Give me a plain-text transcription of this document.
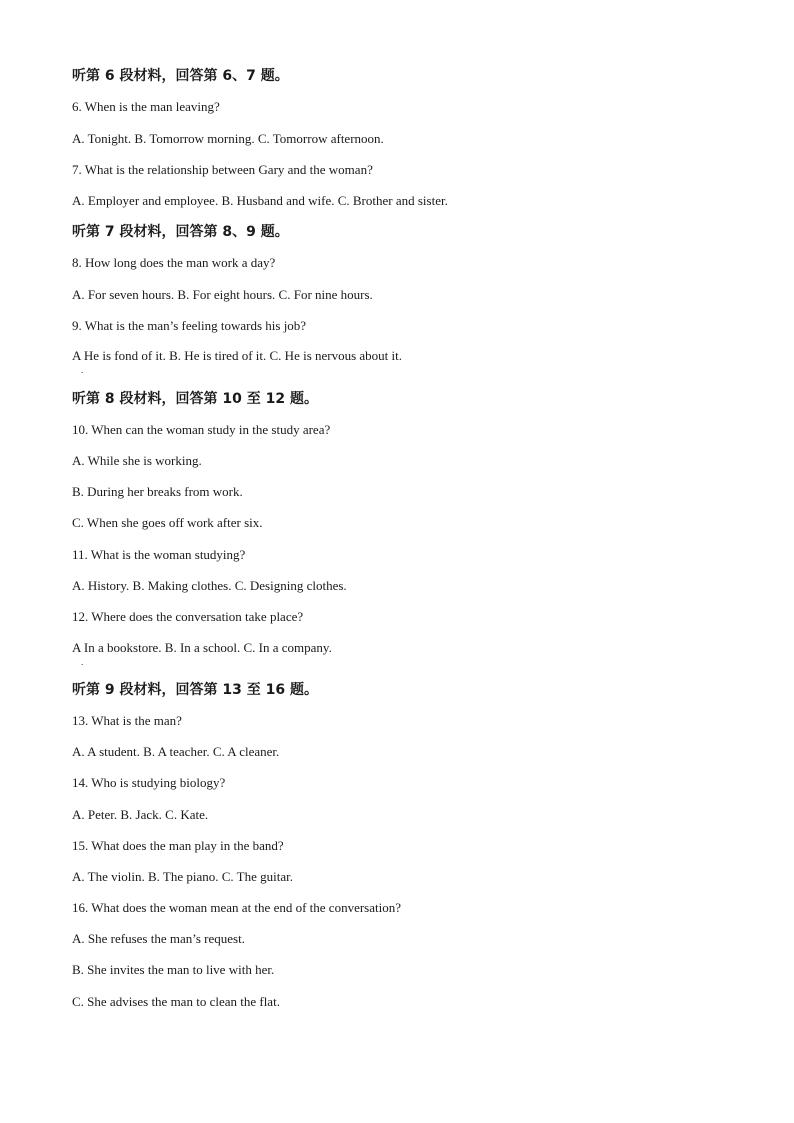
听第 6 段材料，回答第 6、7 题。
6. When is the man leaving?
A. Tonight. B. Tomorrow morning. C. Tomorrow afternoon.
7. What is the relationship between Gary and the woman?
A. Employer and employee. B. Husband and wife. C. Brother and sister.
听第 7 段材料，回答第 8、9 题。
8. How long does the man work a day?
A. For seven hours. B. For eight hours. C. For nine hours.
9. What is the man’s feeling towards his job?
A He is fond of it. B. He is tired of it. C. He is nervous about it.
.
听第 8 段材料，回答第 10 至 12 题。
10. When can the woman study in the study area?
A. While she is working.
B. During her breaks from work.
C. When she goes off work after six.
11. What is the woman studying?
A. History. B. Making clothes. C. Designing clothes.
12. Where does the conversation take place?
A In a bookstore. B. In a school. C. In a company.
.
听第 9 段材料，回答第 13 至 16 题。
13. What is the man?
A. A student. B. A teacher. C. A cleaner.
14. Who is studying biology?
A. Peter. B. Jack. C. Kate.
15. What does the man play in the band?
A. The violin. B. The piano. C. The guitar.
16. What does the woman mean at the end of the conversation?
A. She refuses the man’s request.
B. She invites the man to live with her.
C. She advises the man to clean the flat.
